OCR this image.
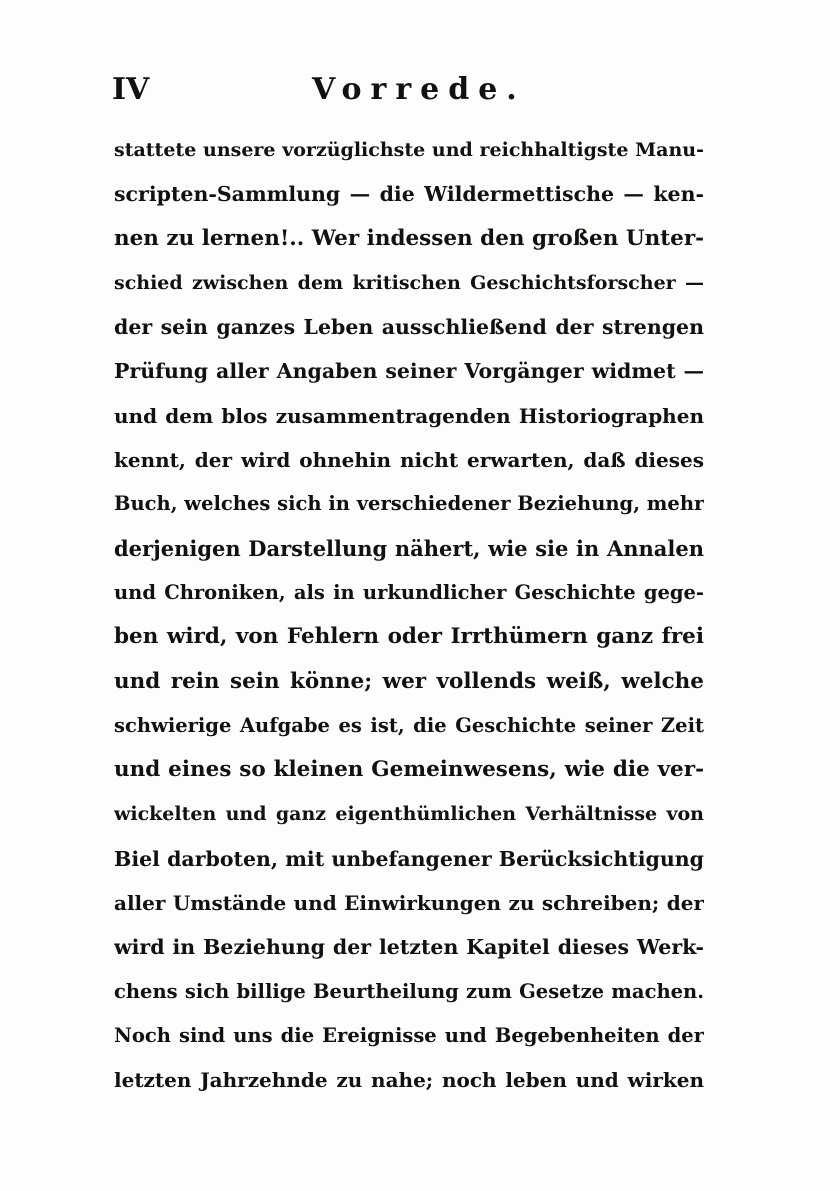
IV	Vorrede.
stattete unsere vorzüglichste und reichhaltigste Manu-
scripten-Sammlung — die Wildermettische — ken-
nen zu lernen!.. Wer indessen den großen Unter-
schied zwischen dem kritischen Geschichtsforscher —
der sein ganzes Leben ausschließend der strengen
Prüfung aller Angaben seiner Vorgänger widmet —
und dem blos zusammentragenden Historiographen
kennt, der wird ohnehin nicht erwarten, daß dieses
Buch, welches sich in verschiedener Beziehung, mehr
derjenigen Darstellung nähert, wie sie in Annalen
und Chroniken, als in urkundlicher Geschichte gege-
ben wird, von Fehlern oder Irrthümern ganz frei
und rein sein könne; wer vollends weiß, welche
schwierige Aufgabe es ist, die Geschichte seiner Zeit
und eines so kleinen Gemeinwesens, wie die ver-
wickelten und ganz eigenthümlichen Verhältnisse von
Biel darboten, mit unbefangener Berücksichtigung
aller Umstände und Einwirkungen zu schreiben; der
wird in Beziehung der letzten Kapitel dieses Werk-
chens sich billige Beurtheilung zum Gesetze machen.
Noch sind uns die Ereignisse und Begebenheiten der
letzten Jahrzehnde zu nahe; noch leben und wirken
